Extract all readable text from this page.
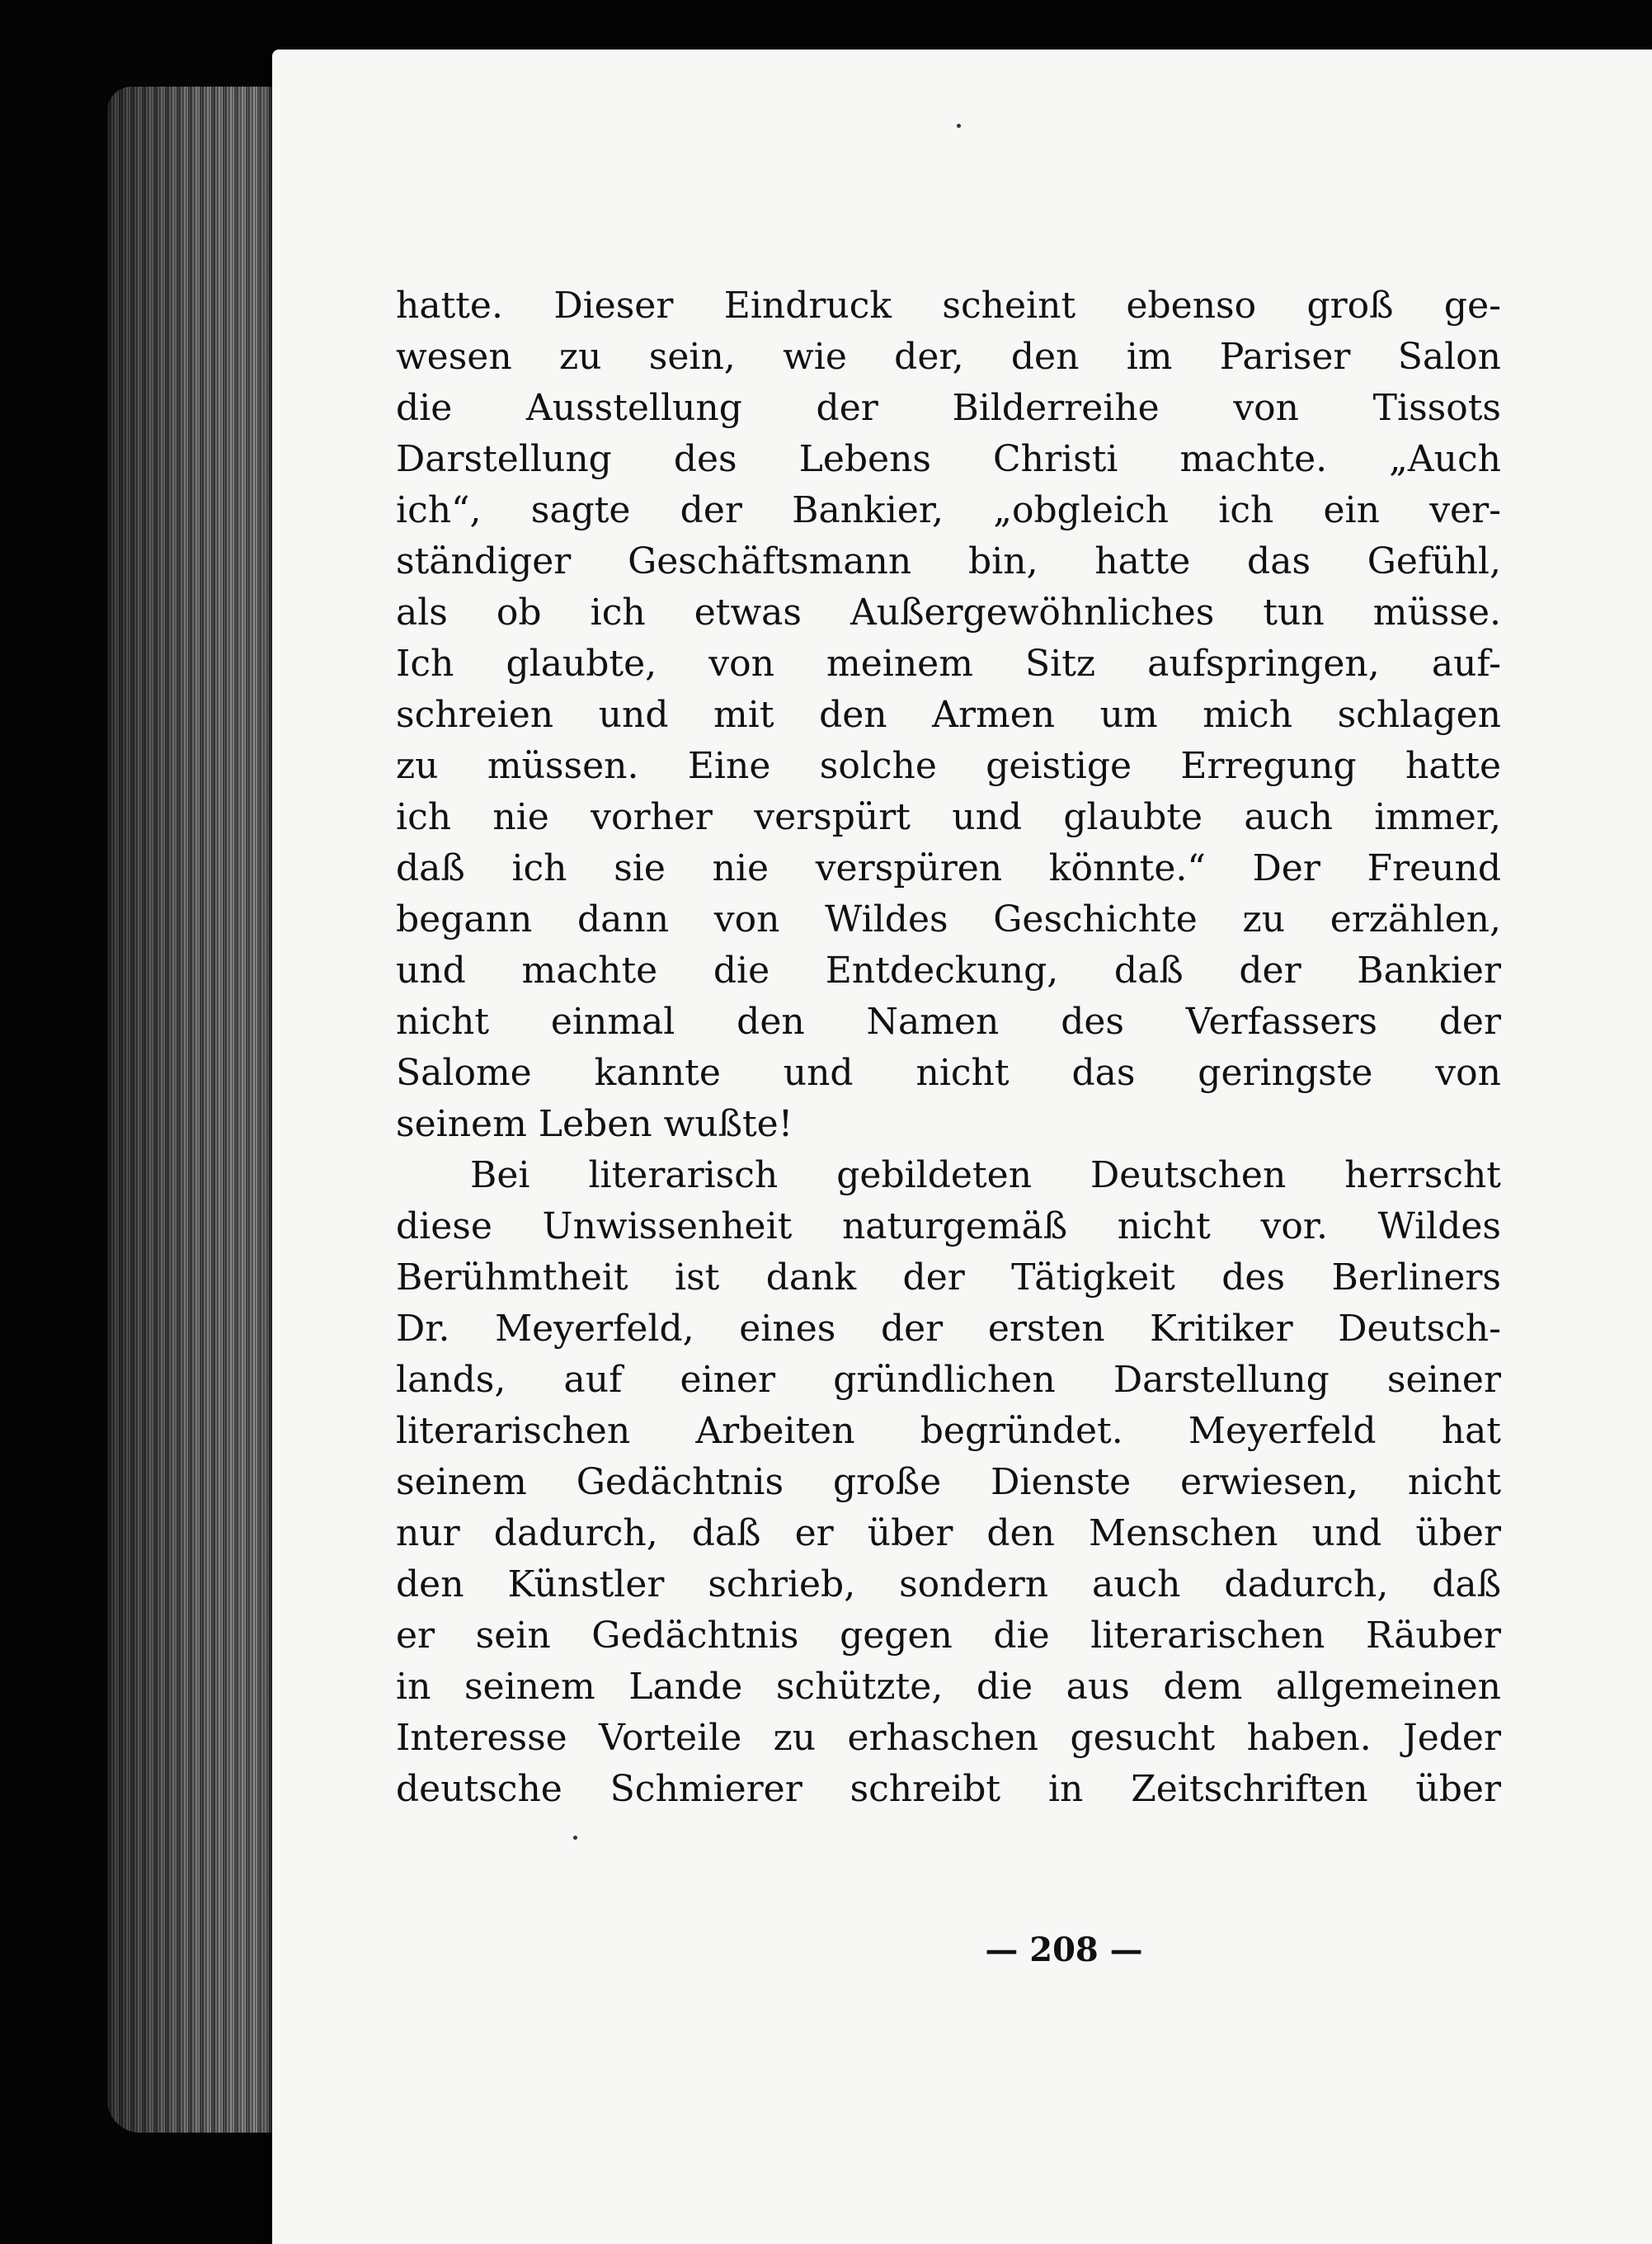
hatte. Dieser Eindruck scheint ebenso groß ge-
wesen zu sein, wie der, den im Pariser Salon
die Ausstellung der Bilderreihe von Tissots
Darstellung des Lebens Christi machte. „Auch
ich“, sagte der Bankier, „obgleich ich ein ver-
ständiger Geschäftsmann bin, hatte das Gefühl,
als ob ich etwas Außergewöhnliches tun müsse.
Ich glaubte, von meinem Sitz aufspringen, auf-
schreien und mit den Armen um mich schlagen
zu müssen. Eine solche geistige Erregung hatte
ich nie vorher verspürt und glaubte auch immer,
daß ich sie nie verspüren könnte.“ Der Freund
begann dann von Wildes Geschichte zu erzählen,
und machte die Entdeckung, daß der Bankier
nicht einmal den Namen des Verfassers der
Salome kannte und nicht das geringste von
seinem Leben wußte!
Bei literarisch gebildeten Deutschen herrscht
diese Unwissenheit naturgemäß nicht vor. Wildes
Berühmtheit ist dank der Tätigkeit des Berliners
Dr. Meyerfeld, eines der ersten Kritiker Deutsch-
lands, auf einer gründlichen Darstellung seiner
literarischen Arbeiten begründet. Meyerfeld hat
seinem Gedächtnis große Dienste erwiesen, nicht
nur dadurch, daß er über den Menschen und über
den Künstler schrieb, sondern auch dadurch, daß
er sein Gedächtnis gegen die literarischen Räuber
in seinem Lande schützte, die aus dem allgemeinen
Interesse Vorteile zu erhaschen gesucht haben. Jeder
deutsche Schmierer schreibt in Zeitschriften über
— 208 —
